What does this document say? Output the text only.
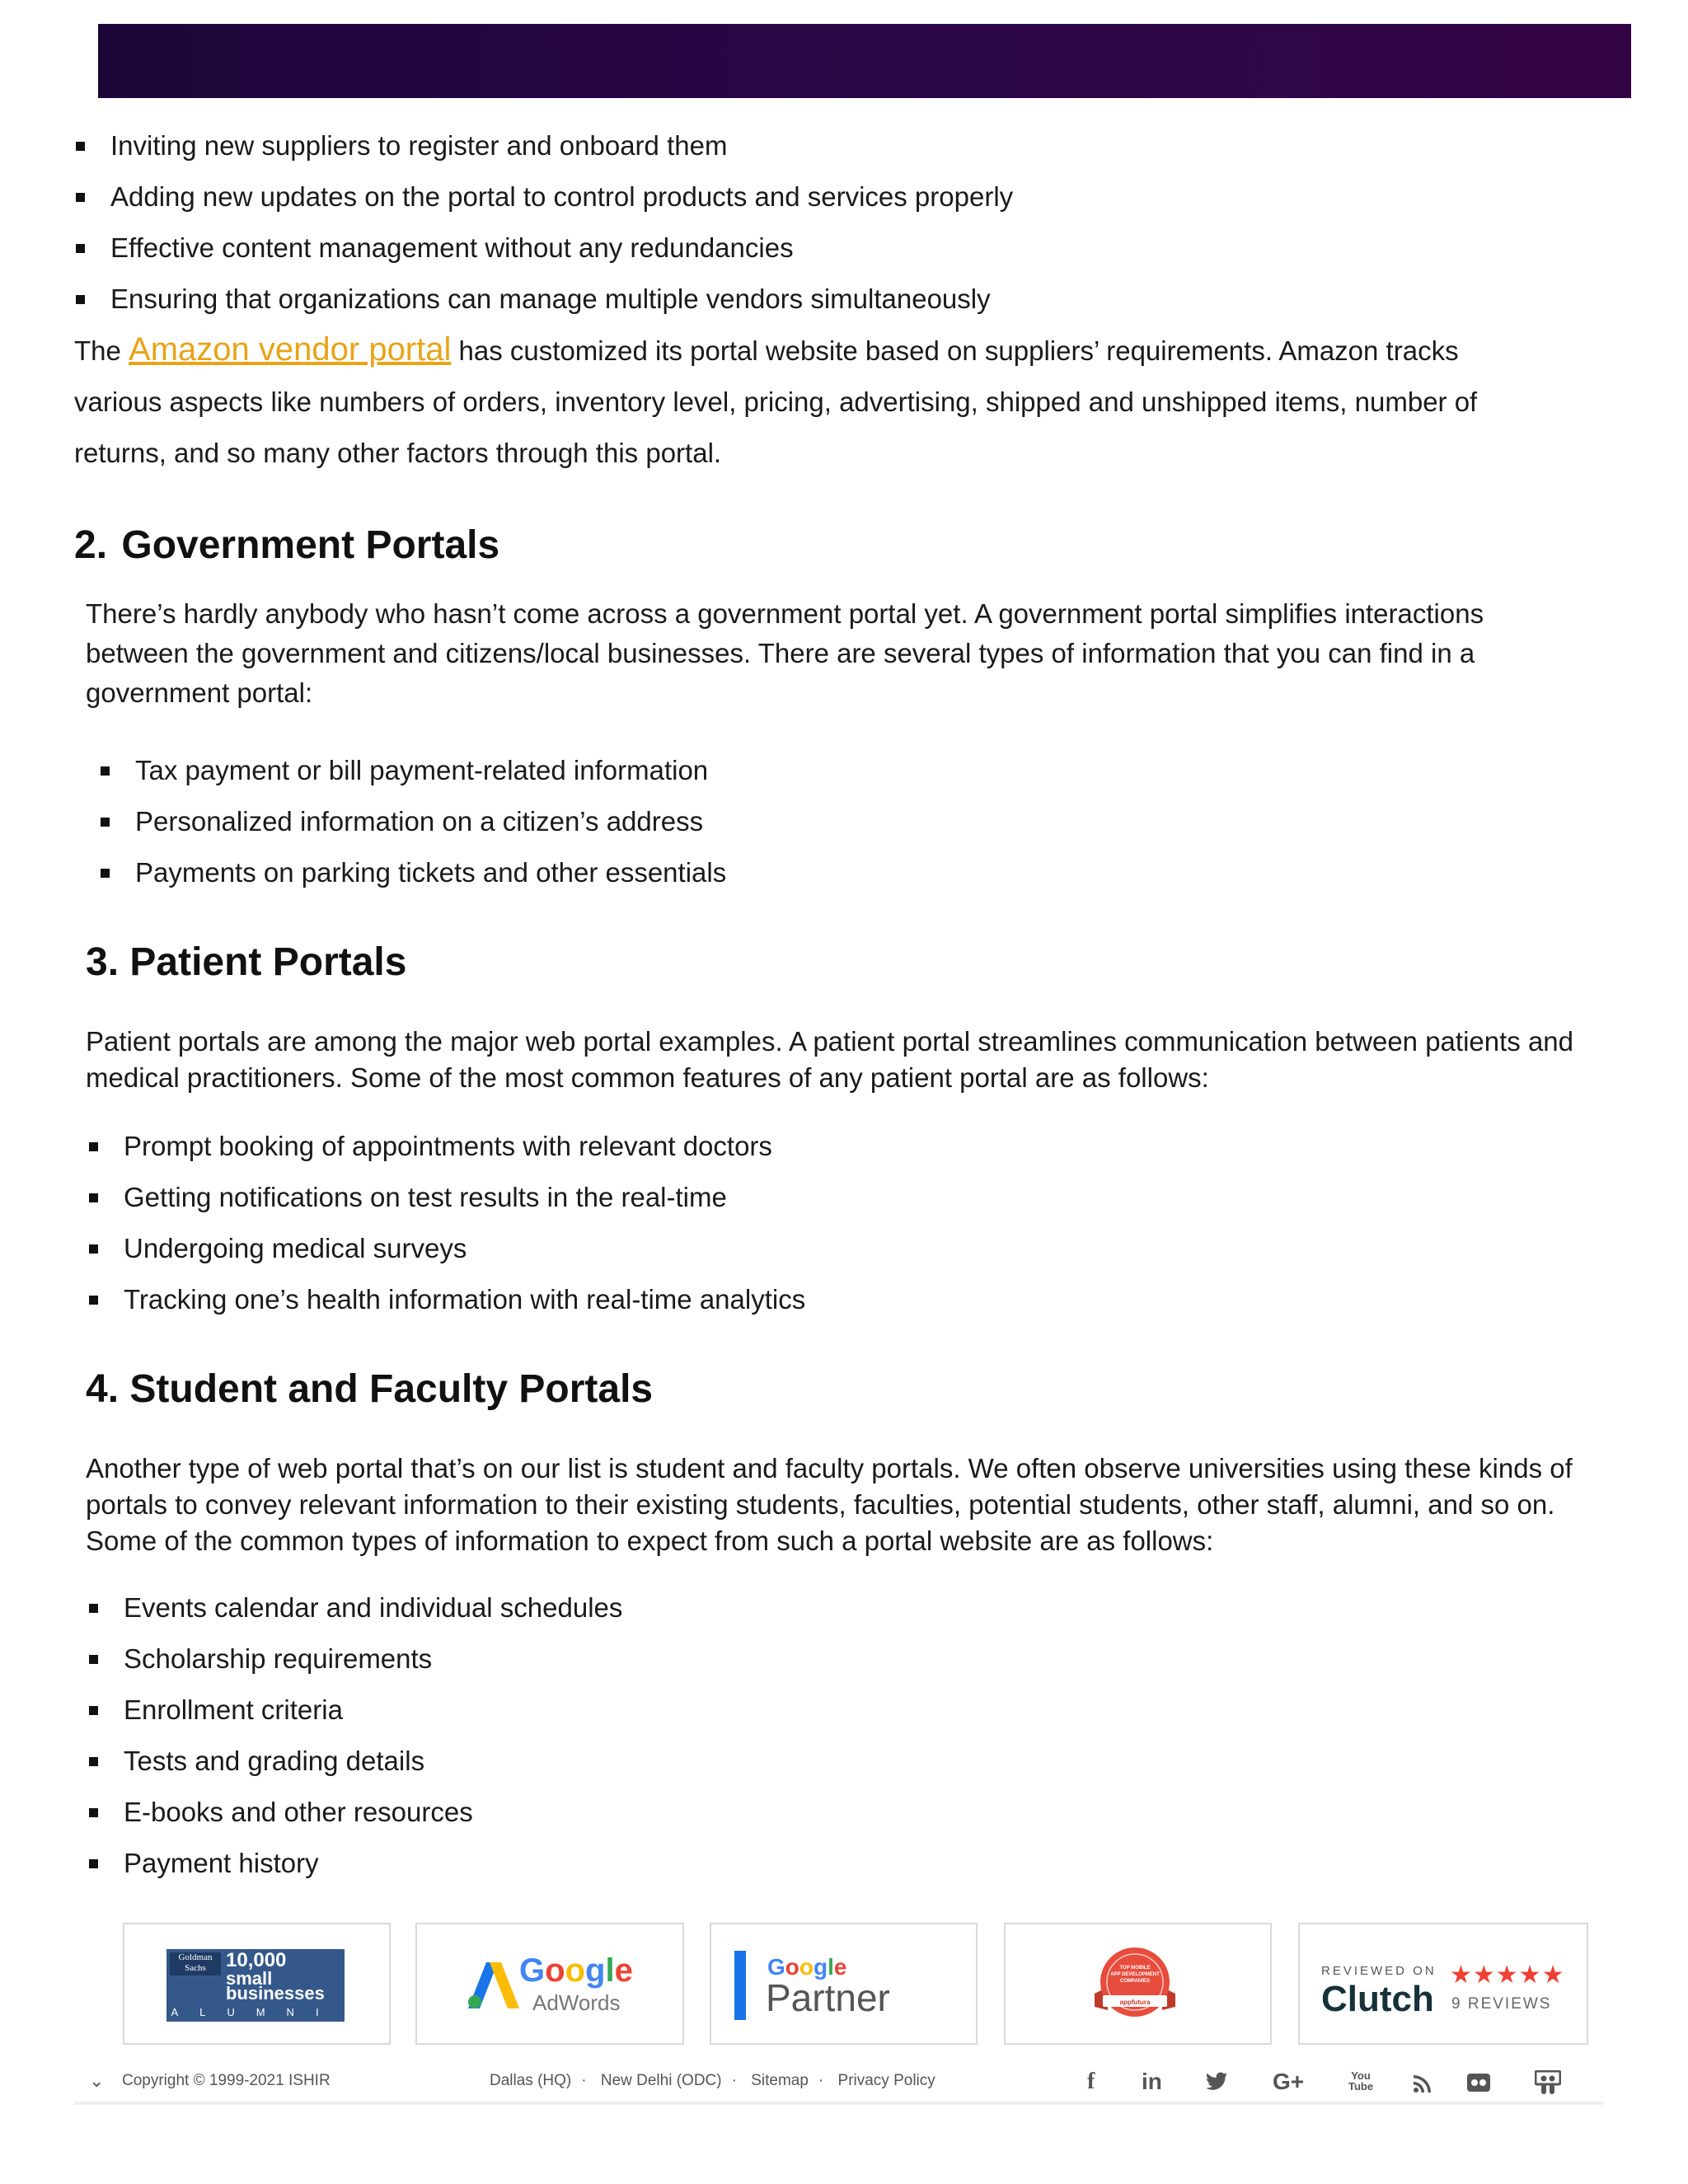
Inviting new suppliers to register and onboard them
Adding new updates on the portal to control products and services properly
Effective content management without any redundancies
Ensuring that organizations can manage multiple vendors simultaneously
The Amazon vendor portal has customized its portal website based on suppliers’ requirements. Amazon tracks
various aspects like numbers of orders, inventory level, pricing, advertising, shipped and unshipped items, number of
returns, and so many other factors through this portal.
2. Government Portals
There’s hardly anybody who hasn’t come across a government portal yet. A government portal simplifies interactions between the government and citizens/local businesses. There are several types of information that you can find in a government portal:
Tax payment or bill payment-related information
Personalized information on a citizen’s address
Payments on parking tickets and other essentials
3. Patient Portals
Patient portals are among the major web portal examples. A patient portal streamlines communication between patients and medical practitioners. Some of the most common features of any patient portal are as follows:
Prompt booking of appointments with relevant doctors
Getting notifications on test results in the real-time
Undergoing medical surveys
Tracking one’s health information with real-time analytics
4. Student and Faculty Portals
Another type of web portal that’s on our list is student and faculty portals. We often observe universities using these kinds of portals to convey relevant information to their existing students, faculties, potential students, other staff, alumni, and so on. Some of the common types of information to expect from such a portal website are as follows:
Events calendar and individual schedules
Scholarship requirements
Enrollment criteria
Tests and grading details
E-books and other resources
Payment history
Goldman Sachs	10,000
small
businesses
ALUMNI
Google
AdWords
Google
Partner
TOP MOBILE
APP DEVELOPMENT
COMPANIES
appfutura
REVIEWED ON
Clutch
★★★★★
9 REVIEWS
⌄ Copyright © 1999-2021 ISHIR	Dallas (HQ) · New Delhi (ODC) · Sitemap · Privacy Policy	f in	G+	You Tube
